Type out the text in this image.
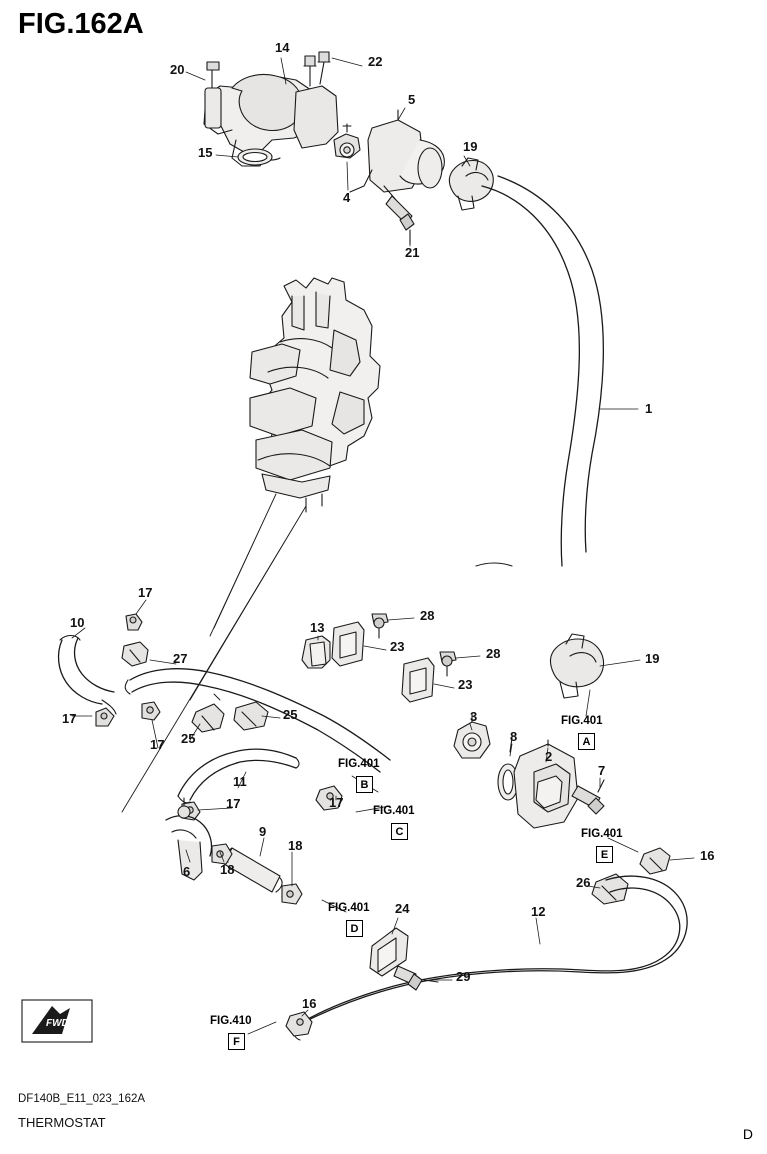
FIG.162A
FWD
20
14
22
5
19
15
4
21
1
17
10	13
28
23	28
23
27	19
17	25	3
8
25
17
2
7
11
17
17
16
9
18
6 18
26
24	12
29
16
FIG.401
A
FIG.401
B
FIG.401
C
FIG.401
D
FIG.401
E
FIG.410
F
DF140B_E11_023_162A
THERMOSTAT
D
